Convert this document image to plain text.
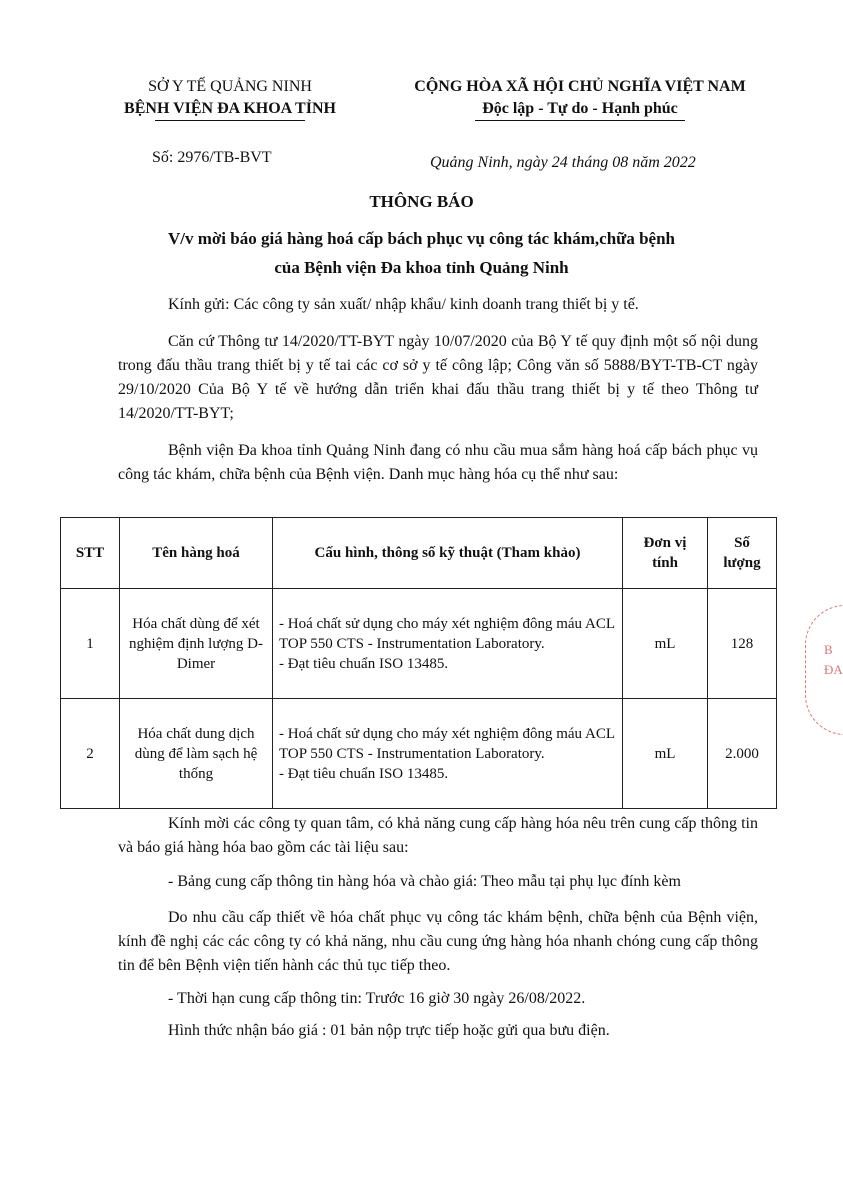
SỞ Y TẾ QUẢNG NINH
BỆNH VIỆN ĐA KHOA TỈNH
CỘNG HÒA XÃ HỘI CHỦ NGHĨA VIỆT NAM
Độc lập - Tự do - Hạnh phúc
Số: 2976/TB-BVT	Quảng Ninh, ngày 24 tháng 08 năm 2022
THÔNG BÁO
V/v mời báo giá hàng hoá cấp bách phục vụ công tác khám,chữa bệnh
của Bệnh viện Đa khoa tỉnh Quảng Ninh
Kính gửi: Các công ty sản xuất/ nhập khẩu/ kinh doanh trang thiết bị y tế.
Căn cứ Thông tư 14/2020/TT-BYT ngày 10/07/2020 của Bộ Y tế quy định một số nội dung trong đấu thầu trang thiết bị y tế tai các cơ sở y tế công lập; Công văn số 5888/BYT-TB-CT ngày 29/10/2020 Của Bộ Y tế về hướng dẫn triển khai đấu thầu trang thiết bị y tế theo Thông tư 14/2020/TT-BYT;
Bệnh viện Đa khoa tỉnh Quảng Ninh đang có nhu cầu mua sắm hàng hoá cấp bách phục vụ công tác khám, chữa bệnh của Bệnh viện. Danh mục hàng hóa cụ thể như sau:
STT	Tên hàng hoá	Cấu hình, thông số kỹ thuật (Tham khảo)	Đơn vị tính	Số lượng
1	Hóa chất dùng để xét nghiệm định lượng D-Dimer	- Hoá chất sử dụng cho máy xét nghiệm đông máu ACL TOP 550 CTS - Instrumentation Laboratory.
- Đạt tiêu chuẩn ISO 13485.	mL	128
2	Hóa chất dung dịch dùng để làm sạch hệ thống	- Hoá chất sử dụng cho máy xét nghiệm đông máu ACL TOP 550 CTS - Instrumentation Laboratory.
- Đạt tiêu chuẩn ISO 13485.	mL	2.000
Kính mời các công ty quan tâm, có khả năng cung cấp hàng hóa nêu trên cung cấp thông tin và báo giá hàng hóa bao gồm các tài liệu sau:
- Bảng cung cấp thông tin hàng hóa và chào giá: Theo mẫu tại phụ lục đính kèm
Do nhu cầu cấp thiết về hóa chất phục vụ công tác khám bệnh, chữa bệnh của Bệnh viện, kính đề nghị các các công ty có khả năng, nhu cầu cung ứng hàng hóa nhanh chóng cung cấp thông tin để bên Bệnh viện tiến hành các thủ tục tiếp theo.
- Thời hạn cung cấp thông tin: Trước 16 giờ 30 ngày 26/08/2022.
Hình thức nhận báo giá : 01 bản nộp trực tiếp hoặc gửi qua bưu điện.
B
ĐA
